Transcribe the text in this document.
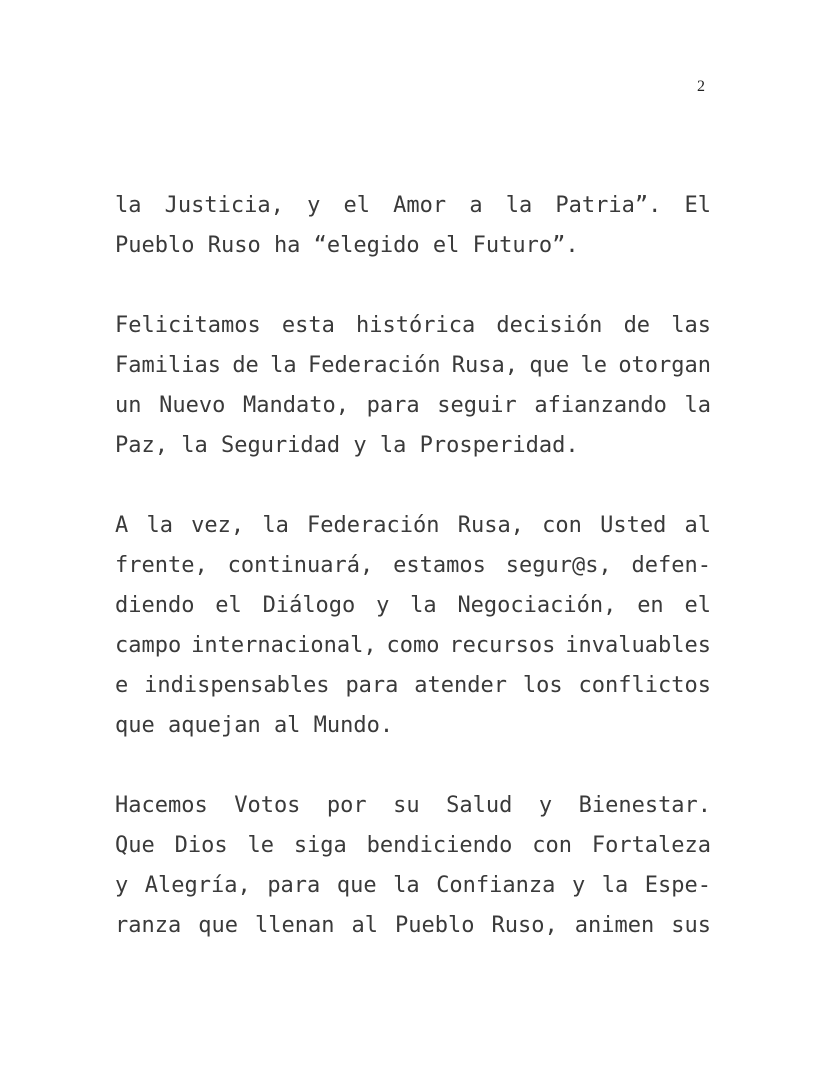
2
la Justicia, y el Amor a la Patria”. El
Pueblo Ruso ha “elegido el Futuro”.
Felicitamos esta histórica decisión de las
Familias de la Federación Rusa, que le otorgan
un Nuevo Mandato, para seguir afianzando la
Paz, la Seguridad y la Prosperidad.
A la vez, la Federación Rusa, con Usted al
frente, continuará, estamos segur@s, defen-
diendo el Diálogo y la Negociación, en el
campo internacional, como recursos invaluables
e indispensables para atender los conflictos
que aquejan al Mundo.
Hacemos Votos por su Salud y Bienestar.
Que Dios le siga bendiciendo con Fortaleza
y Alegría, para que la Confianza y la Espe-
ranza que llenan al Pueblo Ruso, animen sus
